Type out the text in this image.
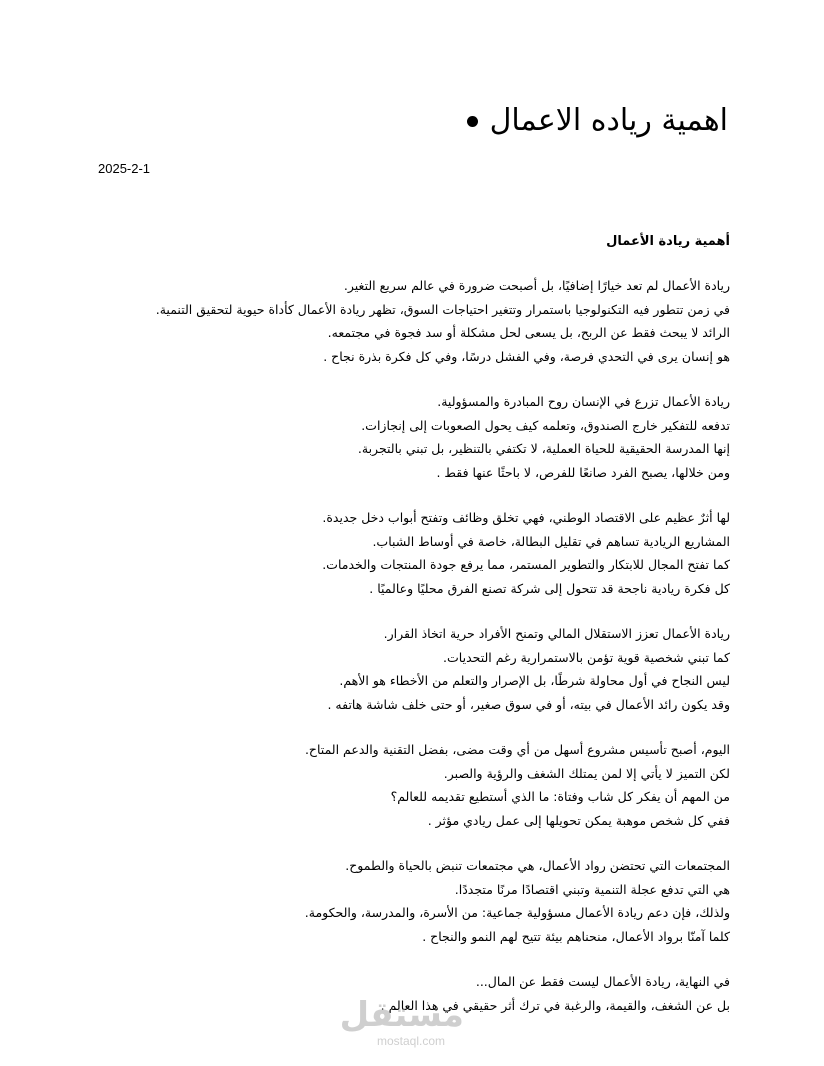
اهمية رياده الاعمال
2025-2-1
أهمية ريادة الأعمال
ريادة الأعمال لم تعد خيارًا إضافيًا، بل أصبحت ضرورة في عالم سريع التغير.
في زمن تتطور فيه التكنولوجيا باستمرار وتتغير احتياجات السوق، تظهر ريادة الأعمال كأداة حيوية لتحقيق التنمية.
الرائد لا يبحث فقط عن الربح، بل يسعى لحل مشكلة أو سد فجوة في مجتمعه.
هو إنسان يرى في التحدي فرصة، وفي الفشل درسًا، وفي كل فكرة بذرة نجاح .
ريادة الأعمال تزرع في الإنسان روح المبادرة والمسؤولية.
تدفعه للتفكير خارج الصندوق، وتعلمه كيف يحول الصعوبات إلى إنجازات.
إنها المدرسة الحقيقية للحياة العملية، لا تكتفي بالتنظير، بل تبني بالتجربة.
ومن خلالها، يصبح الفرد صانعًا للفرص، لا باحثًا عنها فقط .
لها أثرٌ عظيم على الاقتصاد الوطني، فهي تخلق وظائف وتفتح أبواب دخل جديدة.
المشاريع الريادية تساهم في تقليل البطالة، خاصة في أوساط الشباب.
كما تفتح المجال للابتكار والتطوير المستمر، مما يرفع جودة المنتجات والخدمات.
كل فكرة ريادية ناجحة قد تتحول إلى شركة تصنع الفرق محليًا وعالميًا .
ريادة الأعمال تعزز الاستقلال المالي وتمنح الأفراد حرية اتخاذ القرار.
كما تبني شخصية قوية تؤمن بالاستمرارية رغم التحديات.
ليس النجاح في أول محاولة شرطًا، بل الإصرار والتعلم من الأخطاء هو الأهم.
وقد يكون رائد الأعمال في بيته، أو في سوق صغير، أو حتى خلف شاشة هاتفه .
اليوم، أصبح تأسيس مشروع أسهل من أي وقت مضى، بفضل التقنية والدعم المتاح.
لكن التميز لا يأتي إلا لمن يمتلك الشغف والرؤية والصبر.
من المهم أن يفكر كل شاب وفتاة: ما الذي أستطيع تقديمه للعالم؟
ففي كل شخص موهبة يمكن تحويلها إلى عمل ريادي مؤثر .
المجتمعات التي تحتضن رواد الأعمال، هي مجتمعات تنبض بالحياة والطموح.
هي التي تدفع عجلة التنمية وتبني اقتصادًا مرنًا متجددًا.
ولذلك، فإن دعم ريادة الأعمال مسؤولية جماعية: من الأسرة، والمدرسة، والحكومة.
كلما آمنّا برواد الأعمال، منحناهم بيئة تتيح لهم النمو والنجاح .
في النهاية، ريادة الأعمال ليست فقط عن المال...
بل عن الشغف، والقيمة، والرغبة في ترك أثر حقيقي في هذا العالم .
مستقل
mostaql.com
